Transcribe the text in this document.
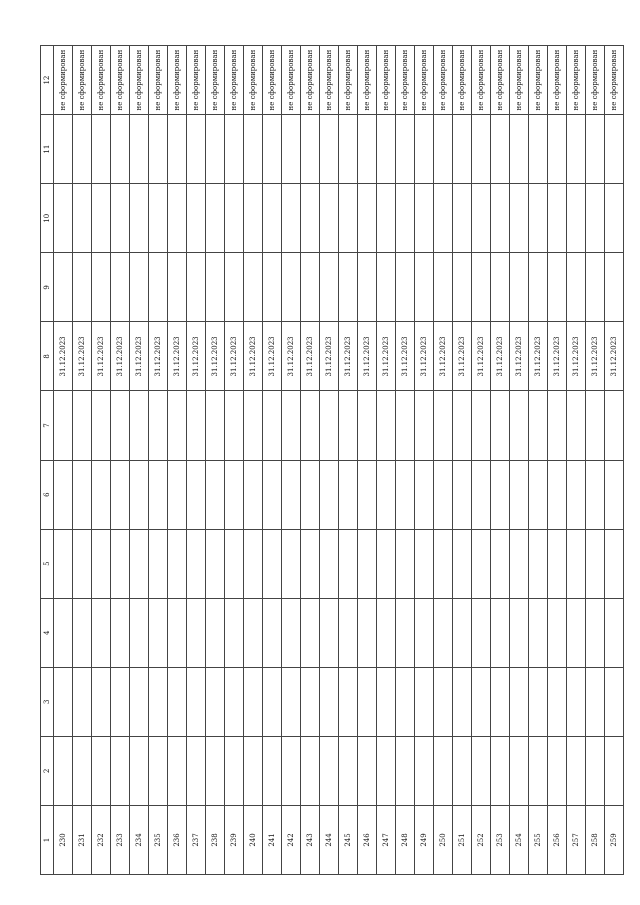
1	2	3	4	5	6	7	8	9	10	11	12
230							31.12.2023				не сформирован
231							31.12.2023				не сформирован
232							31.12.2023				не сформирован
233							31.12.2023				не сформирован
234							31.12.2023				не сформирован
235							31.12.2023				не сформирован
236							31.12.2023				не сформирован
237							31.12.2023				не сформирован
238							31.12.2023				не сформирован
239							31.12.2023				не сформирован
240							31.12.2023				не сформирован
241							31.12.2023				не сформирован
242							31.12.2023				не сформирован
243							31.12.2023				не сформирован
244							31.12.2023				не сформирован
245							31.12.2023				не сформирован
246							31.12.2023				не сформирован
247							31.12.2023				не сформирован
248							31.12.2023				не сформирован
249							31.12.2023				не сформирован
250							31.12.2023				не сформирован
251							31.12.2023				не сформирован
252							31.12.2023				не сформирован
253							31.12.2023				не сформирован
254							31.12.2023				не сформирован
255							31.12.2023				не сформирован
256							31.12.2023				не сформирован
257							31.12.2023				не сформирован
258							31.12.2023				не сформирован
259							31.12.2023				не сформирован
